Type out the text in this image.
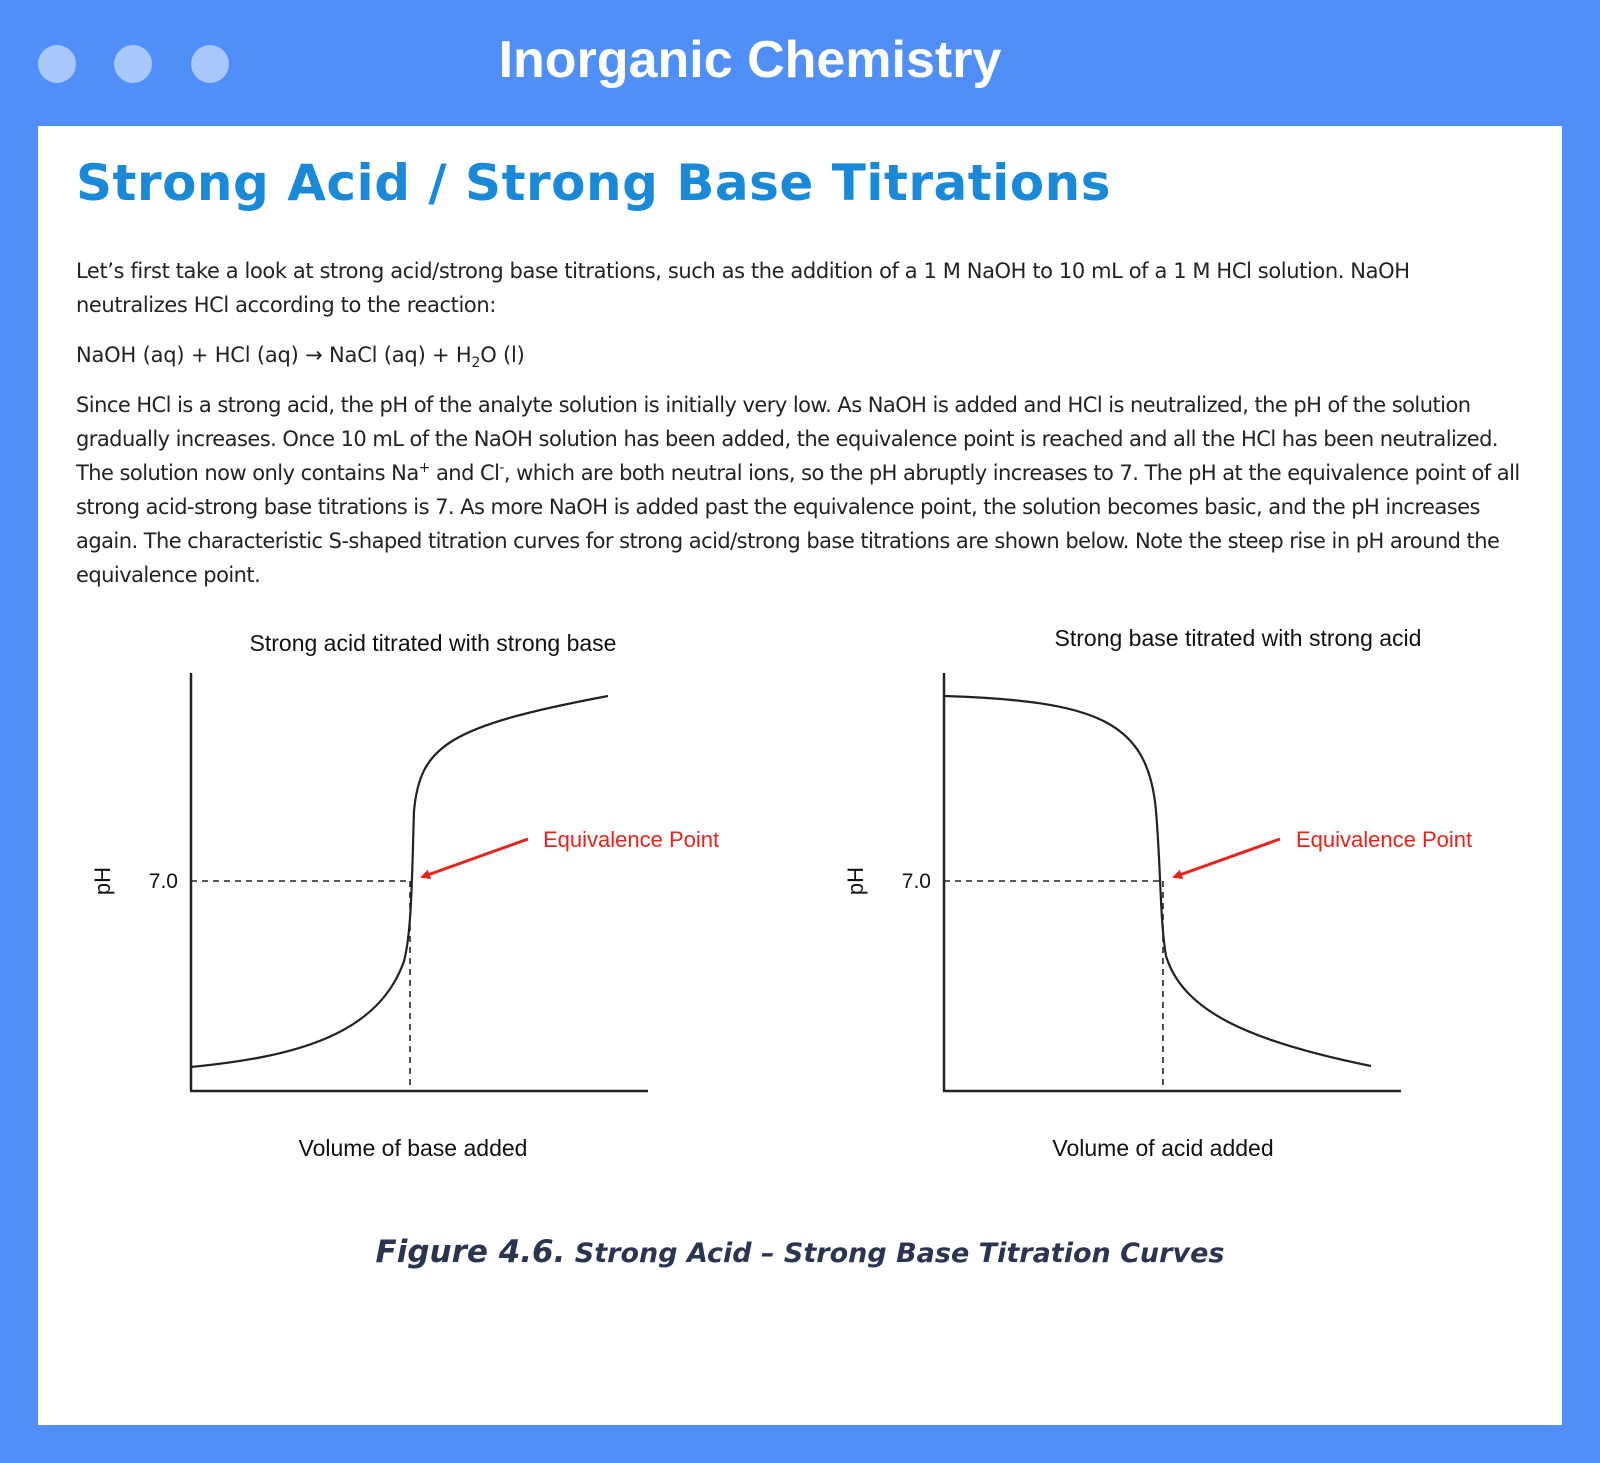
Inorganic Chemistry
Strong Acid / Strong Base Titrations

Let’s first take a look at strong acid/strong base titrations, such as the addition of a 1 M NaOH to 10 mL of a 1 M HCl solution. NaOH neutralizes HCl according to the reaction:

NaOH (aq) + HCl (aq) → NaCl $(aq) + H_2O$ (l)

Since HCl is a strong acid, the pH of the analyte solution is initially very low. As NaOH is added and HCl is neutralized, the pH of the solution gradually increases. Once 10 mL of the NaOH solution has been added, the equivalence point is reached and all the HCl has been neutralized. The solution now only contains Na+ and Cl-, which are both neutral ions, so the pH abruptly increases to 7. The pH at the equivalence point of all strong acid-strong base titrations is 7. As more NaOH is added past the equivalence point, the solution becomes basic, and the pH increases again. The characteristic S-shaped titration curves for strong acid/strong base titrations are shown below. Note the steep rise in pH around the equivalence point.

Strong acid titrated with strong base
pH 7.0
Equivalence Point
Volume of base added
Strong base titrated with strong acid
pH 7.0
Equivalence Point
Volume of acid added
Figure 4.6. Strong Acid – Strong Base Titration Curves
